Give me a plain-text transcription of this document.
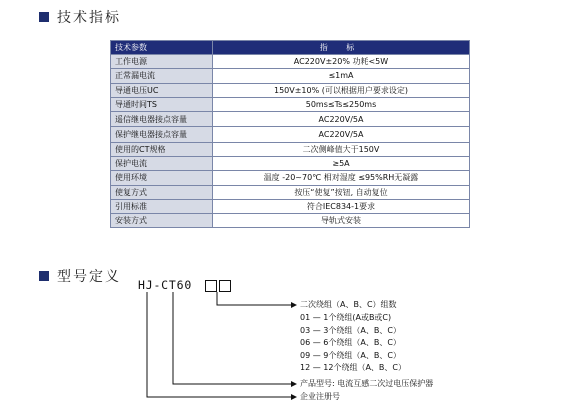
技术指标
技术参数	指 标
工作电源	AC220V±20% 功耗<5W
正常漏电流	≤1mA
导通电压UC	150V±10% (可以根据用户要求设定)
导通时间TS	50ms≤Ts≤250ms
遥信继电器接点容量	AC220V/5A
保护继电器接点容量	AC220V/5A
使用的CT规格	二次侧峰值大于150V
保护电流	≥5A
使用环境	温度 -20~70℃ 相对湿度 ≤95%RH无凝露
使复方式	按压“使复”按钮, 自动复位
引用标准	符合IEC834-1要求
安装方式	导轨式安装
型号定义 HJ-CT60
二次绕组（A、B、C）组数
01 — 1个绕组(A或B或C)
03 — 3个绕组（A、B、C）
06 — 6个绕组（A、B、C）
09 — 9个绕组（A、B、C）
12 — 12个绕组（A、B、C）
产品型号: 电流互感二次过电压保护器
企业注册号
